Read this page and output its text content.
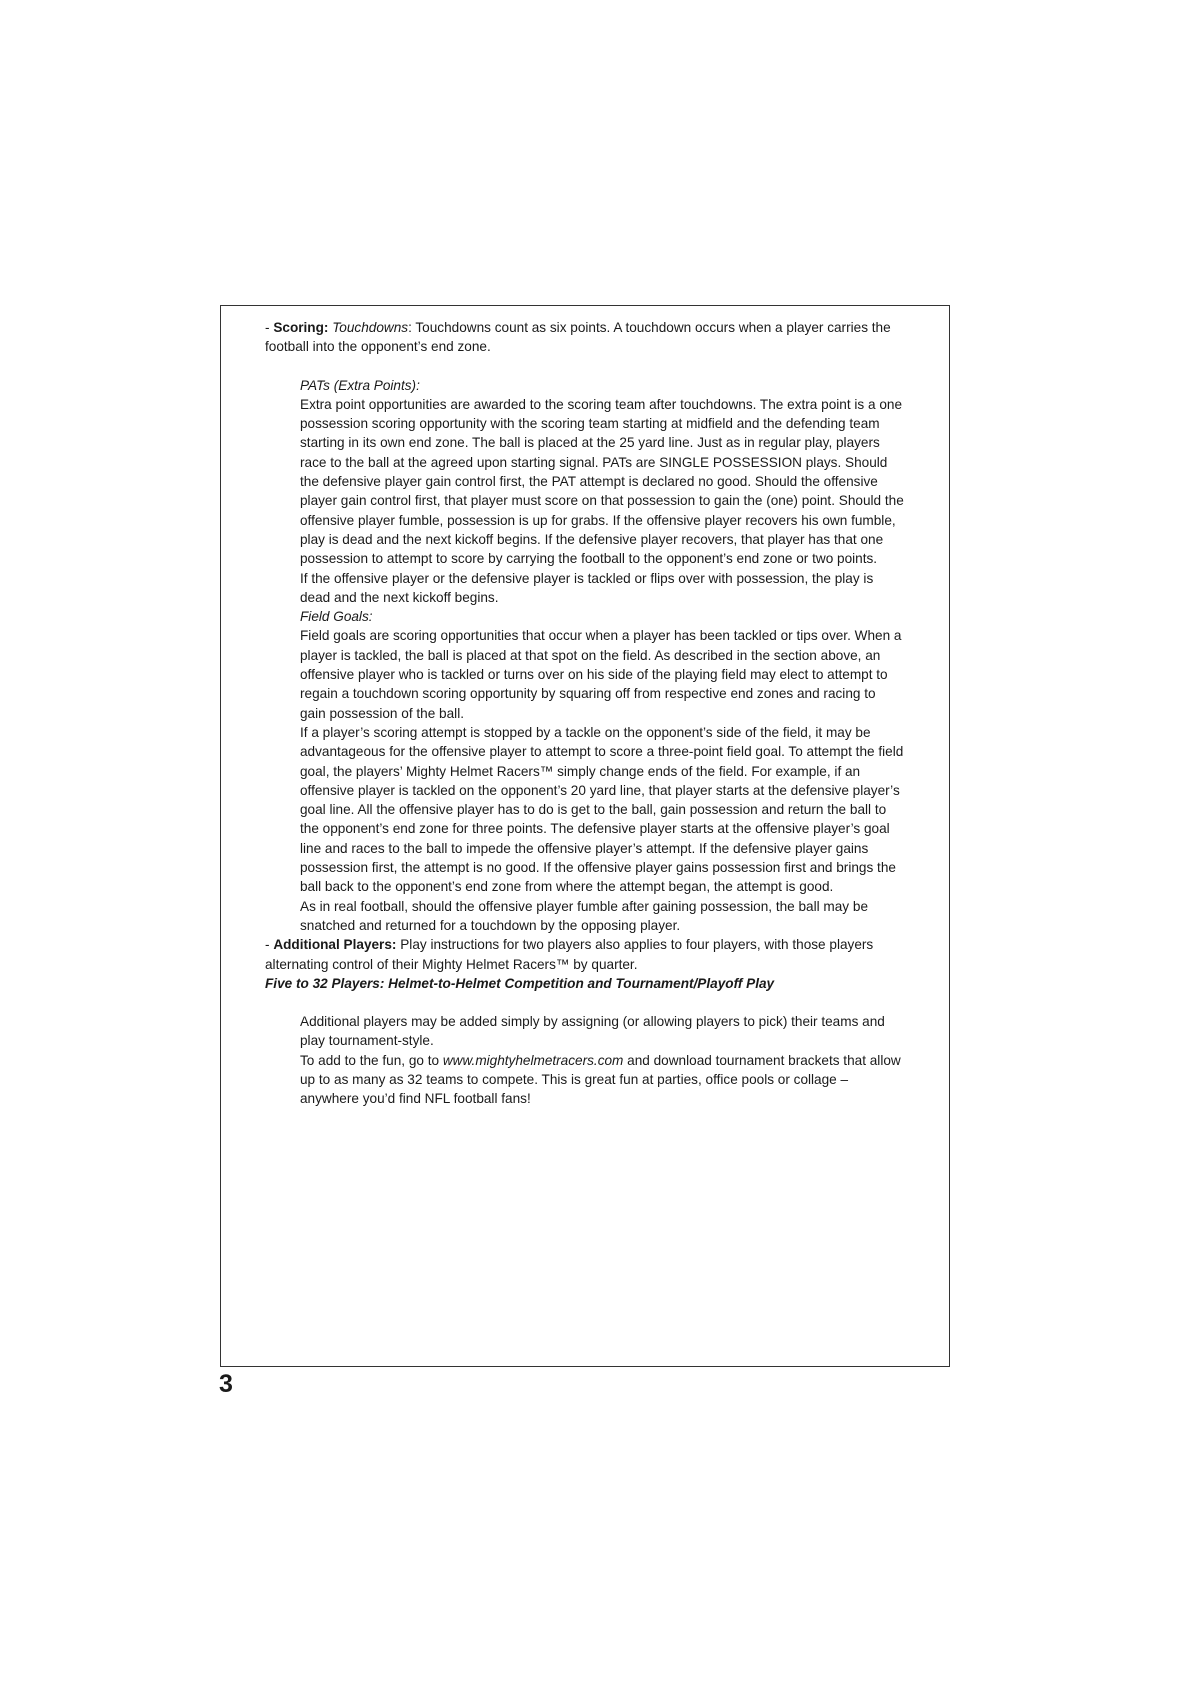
- Scoring: Touchdowns: Touchdowns count as six points. A touchdown occurs when a player carries the football into the opponent’s end zone.

PATs (Extra Points):

Extra point opportunities are awarded to the scoring team after touchdowns. The extra point is a one possession scoring opportunity with the scoring team starting at midfield and the defending team starting in its own end zone. The ball is placed at the 25 yard line. Just as in regular play, players race to the ball at the agreed upon starting signal. PATs are SINGLE POSSESSION plays. Should the defensive player gain control first, the PAT attempt is declared no good. Should the offensive player gain control first, that player must score on that possession to gain the (one) point. Should the offensive player fumble, possession is up for grabs. If the offensive player recovers his own fumble, play is dead and the next kickoff begins. If the defensive player recovers, that player has that one possession to attempt to score by carrying the football to the opponent’s end zone or two points.

If the offensive player or the defensive player is tackled or flips over with possession, the play is dead and the next kickoff begins.

Field Goals:

Field goals are scoring opportunities that occur when a player has been tackled or tips over. When a player is tackled, the ball is placed at that spot on the field. As described in the section above, an offensive player who is tackled or turns over on his side of the playing field may elect to attempt to regain a touchdown scoring opportunity by squaring off from respective end zones and racing to gain possession of the ball.

If a player’s scoring attempt is stopped by a tackle on the opponent’s side of the field, it may be advantageous for the offensive player to attempt to score a three-point field goal. To attempt the field goal, the players’ Mighty Helmet Racers™ simply change ends of the field. For example, if an offensive player is tackled on the opponent’s 20 yard line, that player starts at the defensive player’s goal line. All the offensive player has to do is get to the ball, gain possession and return the ball to the opponent’s end zone for three points. The defensive player starts at the offensive player’s goal line and races to the ball to impede the offensive player’s attempt. If the defensive player gains possession first, the attempt is no good. If the offensive player gains possession first and brings the ball back to the opponent’s end zone from where the attempt began, the attempt is good.

As in real football, should the offensive player fumble after gaining possession, the ball may be snatched and returned for a touchdown by the opposing player.

- Additional Players: Play instructions for two players also applies to four players, with those players alternating control of their Mighty Helmet Racers™ by quarter.

Five to 32 Players: Helmet-to-Helmet Competition and Tournament/Playoff Play

Additional players may be added simply by assigning (or allowing players to pick) their teams and play tournament-style.

To add to the fun, go to www.mightyhelmetracers.com and download tournament brackets that allow up to as many as 32 teams to compete. This is great fun at parties, office pools or collage – anywhere you’d find NFL football fans!

3
